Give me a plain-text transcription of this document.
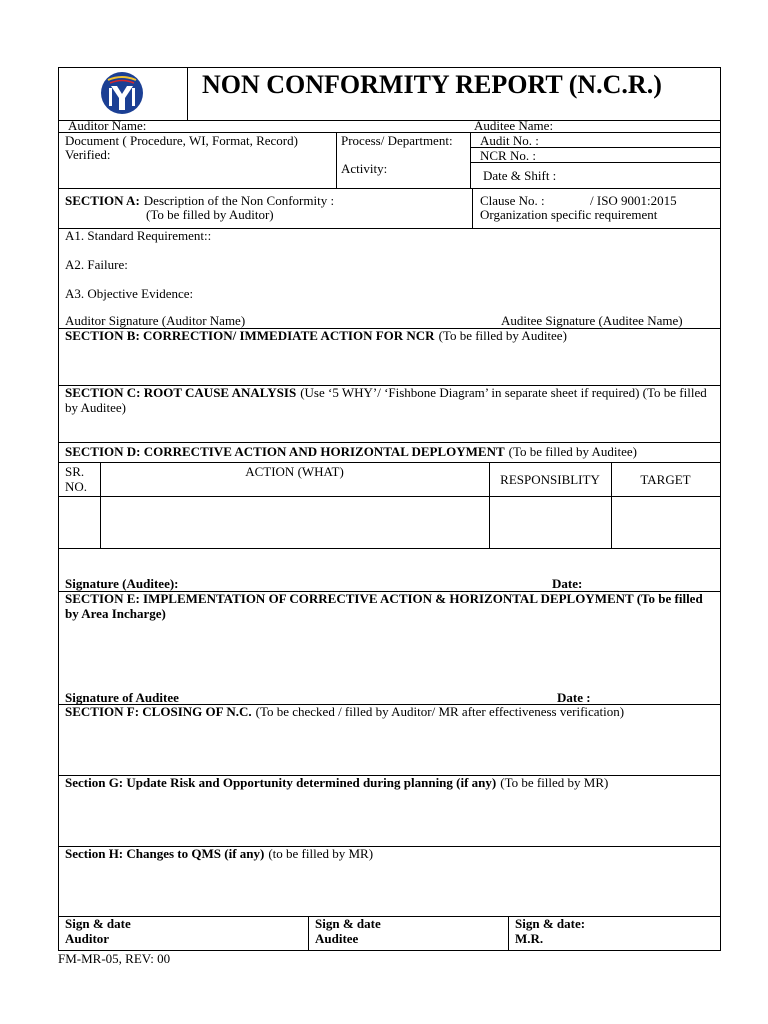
NON CONFORMITY REPORT (N.C.R.)
Auditor Name:	Auditee Name:
Document ( Procedure, WI, Format, Record)
Verified:
Process/ Department:
Activity:
Audit No. :
NCR No. :
Date & Shift :
SECTION A: Description of the Non Conformity :
(To be filled by Auditor)
Clause No. :	/ ISO 9001:2015
Organization specific requirement
A1. Standard Requirement::
A2. Failure:
A3. Objective Evidence:
Auditor Signature (Auditor Name)	Auditee Signature (Auditee Name)
SECTION B: CORRECTION/ IMMEDIATE ACTION FOR NCR (To be filled by Auditee)
SECTION C: ROOT CAUSE ANALYSIS (Use ‘5 WHY’/ ‘Fishbone Diagram’ in separate sheet if required) (To be filled by Auditee)
SECTION D: CORRECTIVE ACTION AND HORIZONTAL DEPLOYMENT (To be filled by Auditee)
SR.
NO.
ACTION (WHAT)
RESPONSIBLITY	TARGET
Signature (Auditee):	Date:
SECTION E: IMPLEMENTATION OF CORRECTIVE ACTION & HORIZONTAL DEPLOYMENT (To be filled by Area Incharge)
Signature of Auditee	Date :
SECTION F: CLOSING OF N.C. (To be checked / filled by Auditor/ MR after effectiveness verification)
Section G: Update Risk and Opportunity determined during planning (if any) (To be filled by MR)
Section H: Changes to QMS (if any) (to be filled by MR)
Sign & date
Auditor
Sign & date
Auditee
Sign & date:
M.R.
FM-MR-05, REV: 00
